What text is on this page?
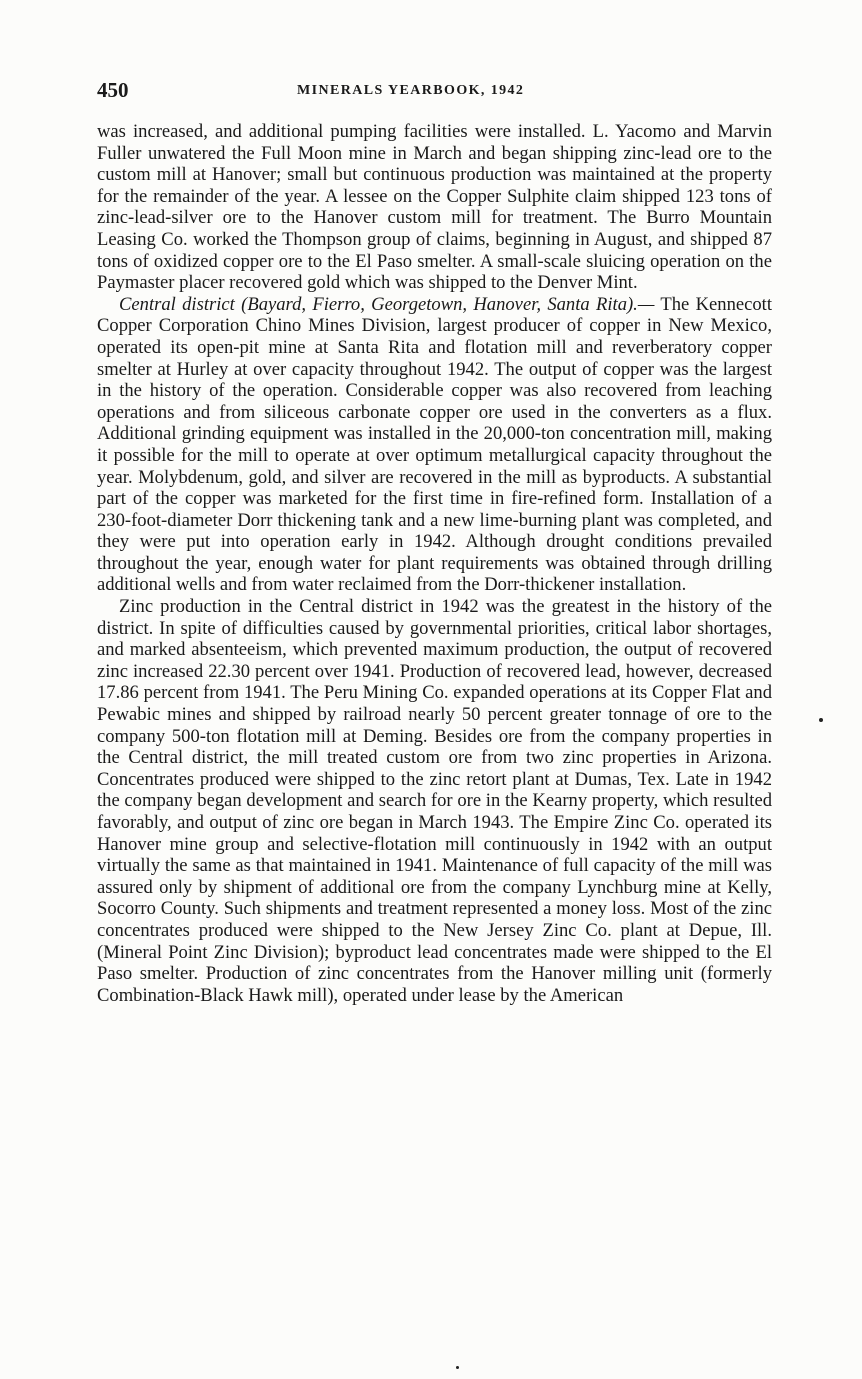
450	MINERALS YEARBOOK, 1942

was increased, and additional pumping facilities were installed. L. Yacomo and Marvin Fuller unwatered the Full Moon mine in March and began shipping zinc-lead ore to the custom mill at Hanover; small but continuous production was maintained at the property for the remainder of the year. A lessee on the Copper Sulphite claim shipped 123 tons of zinc-lead-silver ore to the Hanover custom mill for treatment. The Burro Mountain Leasing Co. worked the Thompson group of claims, beginning in August, and shipped 87 tons of oxidized copper ore to the El Paso smelter. A small-scale sluicing operation on the Paymaster placer recovered gold which was shipped to the Denver Mint.

Central district (Bayard, Fierro, Georgetown, Hanover, Santa Rita).— The Kennecott Copper Corporation Chino Mines Division, largest producer of copper in New Mexico, operated its open-pit mine at Santa Rita and flotation mill and reverberatory copper smelter at Hurley at over capacity throughout 1942. The output of copper was the largest in the history of the operation. Considerable copper was also recovered from leaching operations and from siliceous carbonate copper ore used in the converters as a flux. Additional grinding equipment was installed in the 20,000-ton concentration mill, making it possible for the mill to operate at over optimum metallurgical capacity throughout the year. Molybdenum, gold, and silver are recovered in the mill as byproducts. A substantial part of the copper was marketed for the first time in fire-refined form. Installation of a 230-foot-diameter Dorr thickening tank and a new lime-burning plant was completed, and they were put into operation early in 1942. Although drought conditions prevailed throughout the year, enough water for plant requirements was obtained through drilling additional wells and from water reclaimed from the Dorr-thickener installation.

Zinc production in the Central district in 1942 was the greatest in the history of the district. In spite of difficulties caused by governmental priorities, critical labor shortages, and marked absenteeism, which prevented maximum production, the output of recovered zinc increased 22.30 percent over 1941. Production of recovered lead, however, decreased 17.86 percent from 1941. The Peru Mining Co. expanded operations at its Copper Flat and Pewabic mines and shipped by railroad nearly 50 percent greater tonnage of ore to the company 500-ton flotation mill at Deming. Besides ore from the company properties in the Central district, the mill treated custom ore from two zinc properties in Arizona. Concentrates produced were shipped to the zinc retort plant at Dumas, Tex. Late in 1942 the company began development and search for ore in the Kearny property, which resulted favorably, and output of zinc ore began in March 1943. The Empire Zinc Co. operated its Hanover mine group and selective-flotation mill continuously in 1942 with an output virtually the same as that maintained in 1941. Maintenance of full capacity of the mill was assured only by shipment of additional ore from the company Lynchburg mine at Kelly, Socorro County. Such shipments and treatment represented a money loss. Most of the zinc concentrates produced were shipped to the New Jersey Zinc Co. plant at Depue, Ill. (Mineral Point Zinc Division); byproduct lead concentrates made were shipped to the El Paso smelter. Production of zinc concentrates from the Hanover milling unit (formerly Combination-Black Hawk mill), operated under lease by the American
